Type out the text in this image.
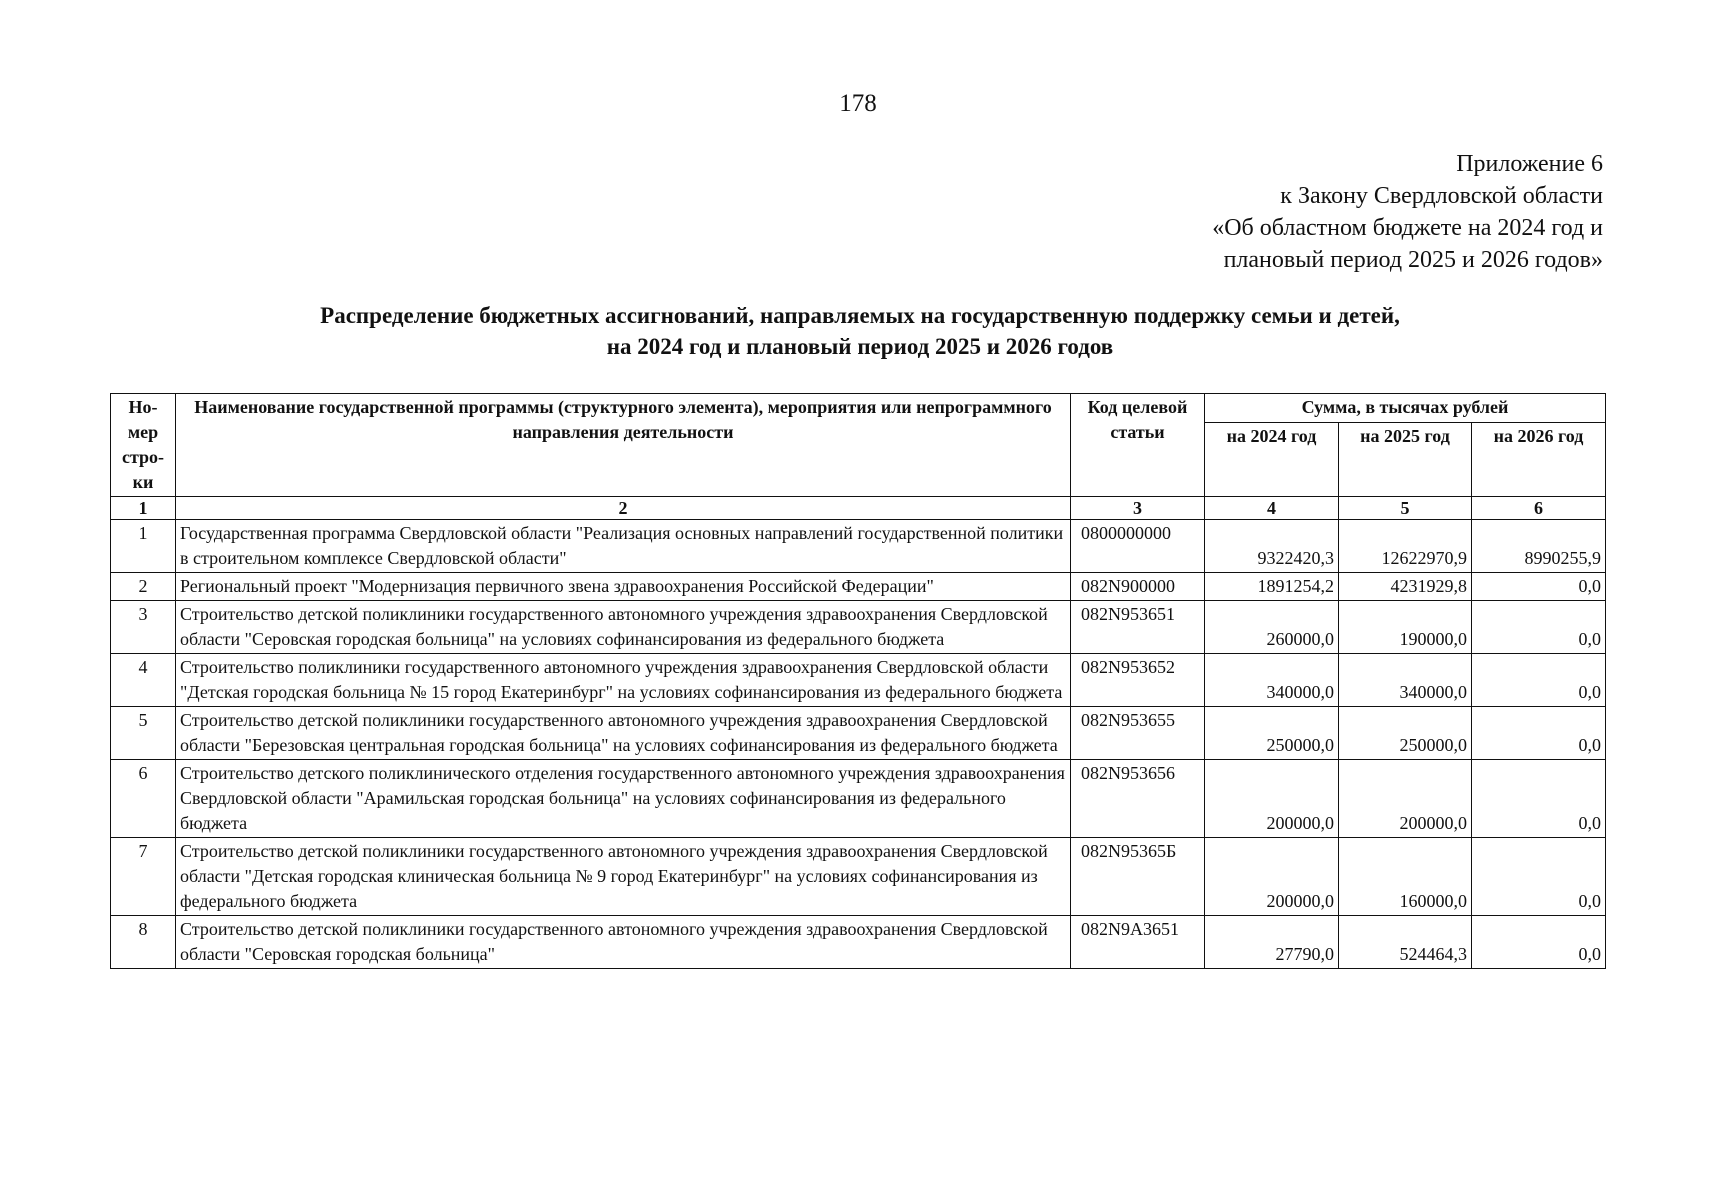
178
Приложение 6
к Закону Свердловской области
«Об областном бюджете на 2024 год и
плановый период 2025 и 2026 годов»
Распределение бюджетных ассигнований, направляемых на государственную поддержку семьи и детей,
на 2024 год и плановый период 2025 и 2026 годов
Но- мер стро- ки	Наименование государственной программы (структурного элемента), мероприятия или непрограммного направления деятельности	Код целевой статьи	Сумма, в тысячах рублей		
			на 2024 год	на 2025 год	на 2026 год
1	2	3	4	5	6
1	Государственная программа Свердловской области "Реализация основных направлений государственной политики в строительном комплексе Свердловской области"	0800000000	9322420,3	12622970,9	8990255,9
2	Региональный проект "Модернизация первичного звена здравоохранения Российской Федерации"	082N900000	1891254,2	4231929,8	0,0
3	Строительство детской поликлиники государственного автономного учреждения здравоохранения Свердловской области "Серовская городская больница" на условиях софинансирования из федерального бюджета	082N953651	260000,0	190000,0	0,0
4	Строительство поликлиники государственного автономного учреждения здравоохранения Свердловской области "Детская городская больница № 15 город Екатеринбург" на условиях софинансирования из федерального бюджета	082N953652	340000,0	340000,0	0,0
5	Строительство детской поликлиники государственного автономного учреждения здравоохранения Свердловской области "Березовская центральная городская больница" на условиях софинансирования из федерального бюджета	082N953655	250000,0	250000,0	0,0
6	Строительство детского поликлинического отделения государственного автономного учреждения здравоохранения Свердловской области "Арамильская городская больница" на условиях софинансирования из федерального бюджета	082N953656	200000,0	200000,0	0,0
7	Строительство детской поликлиники государственного автономного учреждения здравоохранения Свердловской области "Детская городская клиническая больница № 9 город Екатеринбург" на условиях софинансирования из федерального бюджета	082N95365Б	200000,0	160000,0	0,0
8	Строительство детской поликлиники государственного автономного учреждения здравоохранения Свердловской области "Серовская городская больница"	082N9A3651	27790,0	524464,3	0,0
